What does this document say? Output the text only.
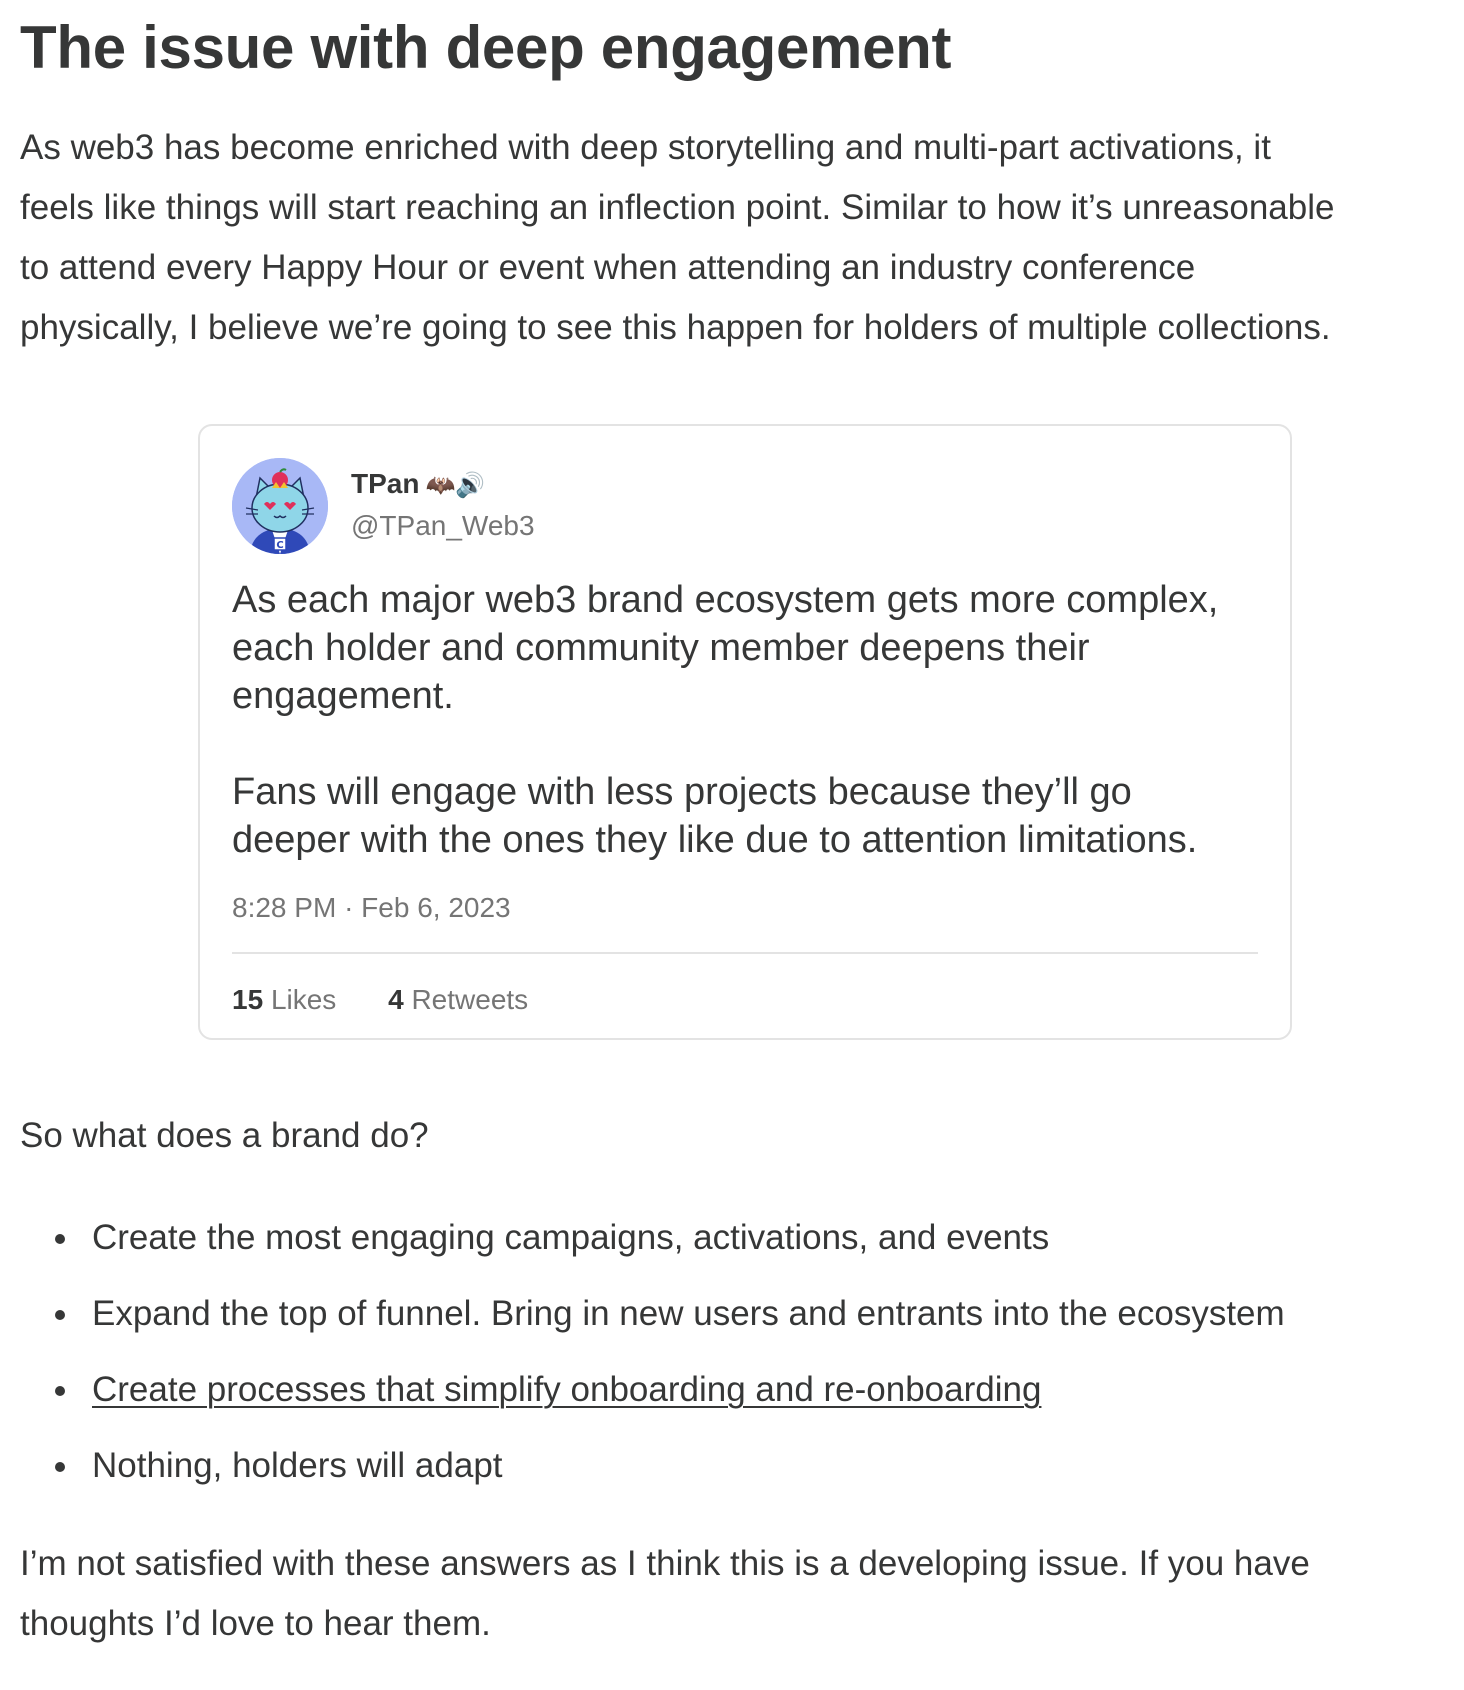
The issue with deep engagement

As web3 has become enriched with deep storytelling and multi-part activations, it
feels like things will start reaching an inflection point. Similar to how it’s unreasonable
to attend every Happy Hour or event when attending an industry conference
physically, I believe we’re going to see this happen for holders of multiple collections.

C
TPan 🦇🔊
@TPan_Web3
As each major web3 brand ecosystem gets more complex,
each holder and community member deepens their
engagement.
Fans will engage with less projects because they’ll go
deeper with the ones they like due to attention limitations.
8:28 PM · Feb 6, 2023
15 Likes 4 Retweets

So what does a brand do?

Create the most engaging campaigns, activations, and events
Expand the top of funnel. Bring in new users and entrants into the ecosystem
Create processes that simplify onboarding and re-onboarding
Nothing, holders will adapt

I’m not satisfied with these answers as I think this is a developing issue. If you have
thoughts I’d love to hear them.
